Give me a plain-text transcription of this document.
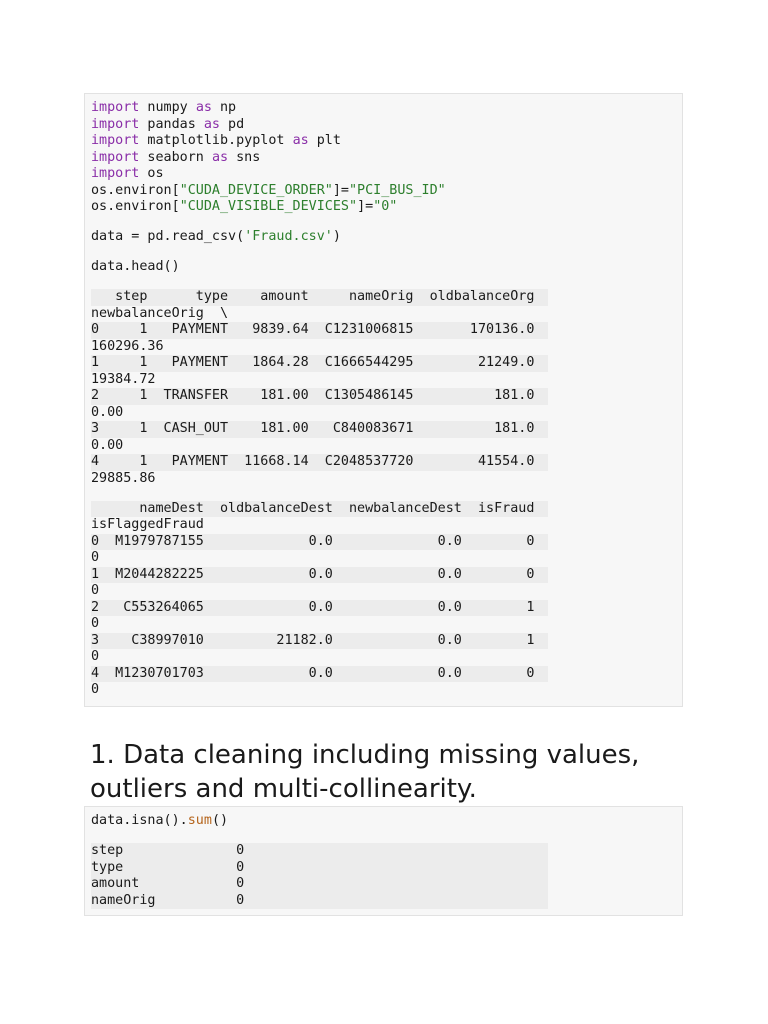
import numpy as np
import pandas as pd
import matplotlib.pyplot as plt
import seaborn as sns
import os
os.environ["CUDA_DEVICE_ORDER"]="PCI_BUS_ID"
os.environ["CUDA_VISIBLE_DEVICES"]="0"
data = pd.read_csv('Fraud.csv')
data.head()
step      type    amount     nameOrig  oldbalanceOrg
newbalanceOrig  \
0     1   PAYMENT   9839.64  C1231006815       170136.0
160296.36
1     1   PAYMENT   1864.28  C1666544295        21249.0
19384.72
2     1  TRANSFER    181.00  C1305486145          181.0
0.00
3     1  CASH_OUT    181.00   C840083671          181.0
0.00
4     1   PAYMENT  11668.14  C2048537720        41554.0
29885.86
nameDest  oldbalanceDest  newbalanceDest  isFraud
isFlaggedFraud
0  M1979787155             0.0             0.0        0
0
1  M2044282225             0.0             0.0        0
0
2   C553264065             0.0             0.0        1
0
3    C38997010         21182.0             0.0        1
0
4  M1230701703             0.0             0.0        0
0
1. Data cleaning including missing values, outliers and multi-collinearity.
data.isna().sum()
step              0
type              0
amount            0
nameOrig          0
